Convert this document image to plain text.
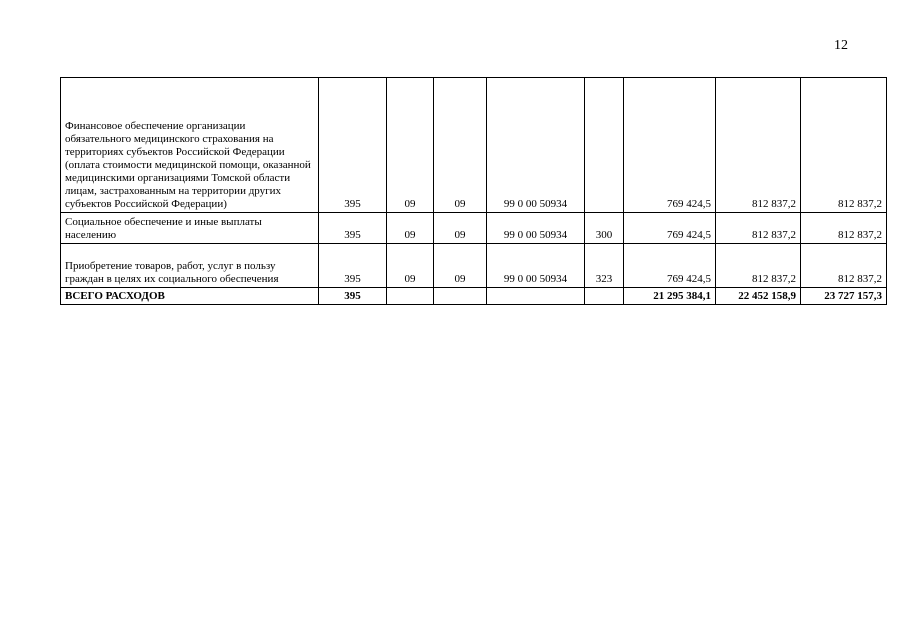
12
Финансовое обеспечение организации обязательного медицинского страхования на территориях субъектов Российской Федерации (оплата стоимости медицинской помощи, оказанной медицинскими организациями Томской области лицам, застрахованным на территории других субъектов Российской Федерации)	395	09	09	99 0 00 50934		769 424,5	812 837,2	812 837,2
Социальное обеспечение и иные выплаты населению	395	09	09	99 0 00 50934	300	769 424,5	812 837,2	812 837,2
Приобретение товаров, работ, услуг в пользу граждан в целях их социального обеспечения	395	09	09	99 0 00 50934	323	769 424,5	812 837,2	812 837,2
ВСЕГО РАСХОДОВ	395					21 295 384,1	22 452 158,9	23 727 157,3
